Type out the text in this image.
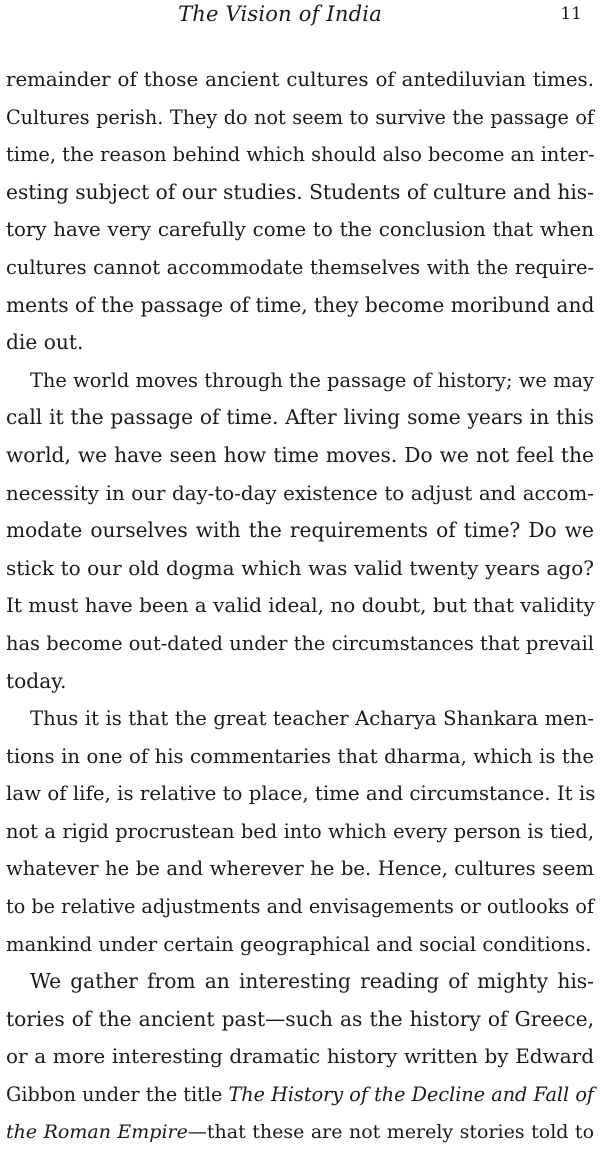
The Vision of India	11
remainder of those ancient cultures of antediluvian times.
Cultures perish. They do not seem to survive the passage of
time, the reason behind which should also become an inter-
esting subject of our studies. Students of culture and his-
tory have very carefully come to the conclusion that when
cultures cannot accommodate themselves with the require-
ments of the passage of time, they become moribund and
die out.
The world moves through the passage of history; we may
call it the passage of time. After living some years in this
world, we have seen how time moves. Do we not feel the
necessity in our day-to-day existence to adjust and accom-
modate ourselves with the requirements of time? Do we
stick to our old dogma which was valid twenty years ago?
It must have been a valid ideal, no doubt, but that validity
has become out-dated under the circumstances that prevail
today.
Thus it is that the great teacher Acharya Shankara men-
tions in one of his commentaries that dharma, which is the
law of life, is relative to place, time and circumstance. It is
not a rigid procrustean bed into which every person is tied,
whatever he be and wherever he be. Hence, cultures seem
to be relative adjustments and envisagements or outlooks of
mankind under certain geographical and social conditions.
We gather from an interesting reading of mighty his-
tories of the ancient past—such as the history of Greece,
or a more interesting dramatic history written by Edward
Gibbon under the title The History of the Decline and Fall of
the Roman Empire—that these are not merely stories told to
